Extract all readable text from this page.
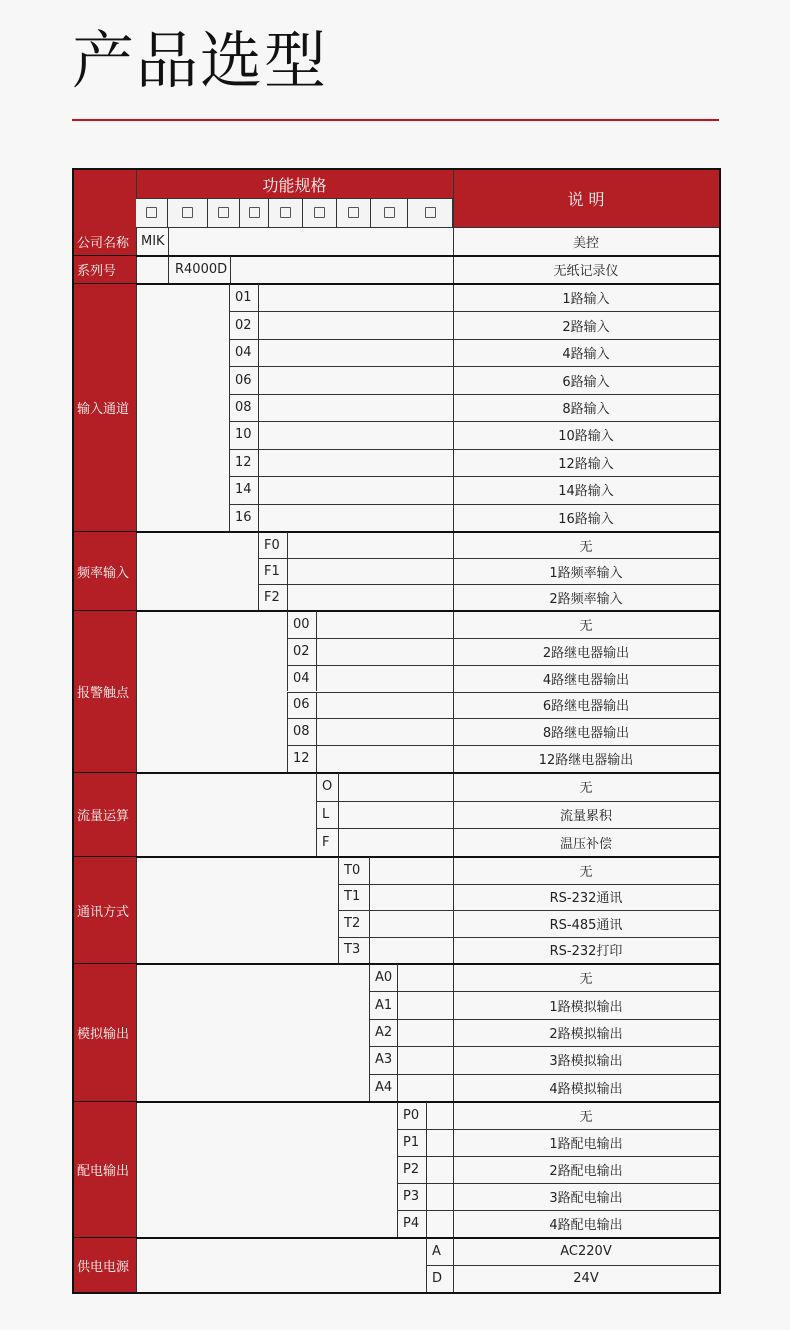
产品选型
功能规格
说 明
公司名称 MIK	美控
系列号	R4000D	无纸记录仪
输入通道
01	1路输入
02	2路输入
04	4路输入
06	6路输入
08	8路输入
10	10路输入
12	12路输入
14	14路输入
16	16路输入
频率输入
F0	无
F1	1路频率输入
F2	2路频率输入
报警触点
00	无
02	2路继电器输出
04	4路继电器输出
06	6路继电器输出
08	8路继电器输出
12	12路继电器输出
流量运算
O	无
L	流量累积
F	温压补偿
通讯方式
T0	无
T1	RS-232通讯
T2	RS-485通讯
T3	RS-232打印
模拟输出
A0	无
A1	1路模拟输出
A2	2路模拟输出
A3	3路模拟输出
A4	4路模拟输出
配电输出
P0	无
P1	1路配电输出
P2	2路配电输出
P3	3路配电输出
P4	4路配电输出
供电电源
A	AC220V
D	24V
